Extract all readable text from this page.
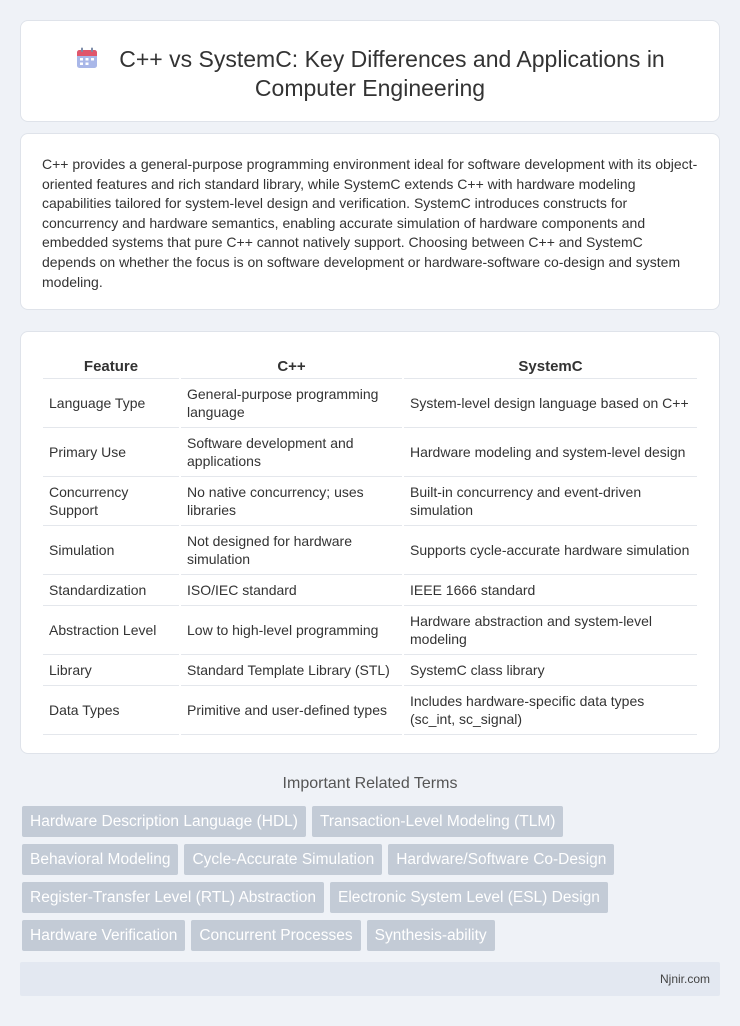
C++ vs SystemC: Key Differences and Applications in
Computer Engineering

C++ provides a general-purpose programming environment ideal for software development with its object-oriented features and rich standard library, while SystemC extends C++ with hardware modeling capabilities tailored for system-level design and verification. SystemC introduces constructs for concurrency and hardware semantics, enabling accurate simulation of hardware components and embedded systems that pure C++ cannot natively support. Choosing between C++ and SystemC depends on whether the focus is on software development or hardware-software co-design and system modeling.

Feature	C++	SystemC
Language Type	General-purpose programming language	System-level design language based on C++
Primary Use	Software development and applications	Hardware modeling and system-level design
Concurrency Support	No native concurrency; uses libraries	Built-in concurrency and event-driven simulation
Simulation	Not designed for hardware simulation	Supports cycle-accurate hardware simulation
Standardization	ISO/IEC standard	IEEE 1666 standard
Abstraction Level	Low to high-level programming	Hardware abstraction and system-level modeling
Library	Standard Template Library (STL)	SystemC class library
Data Types	Primitive and user-defined types	Includes hardware-specific data types (sc_int, sc_signal)
Important Related Terms
Hardware Description Language (HDL)	Transaction-Level Modeling (TLM)
Behavioral Modeling	Cycle-Accurate Simulation	Hardware/Software Co-Design
Register-Transfer Level (RTL) Abstraction	Electronic System Level (ESL) Design
Hardware Verification	Concurrent Processes	Synthesis-ability
Njnir.com
